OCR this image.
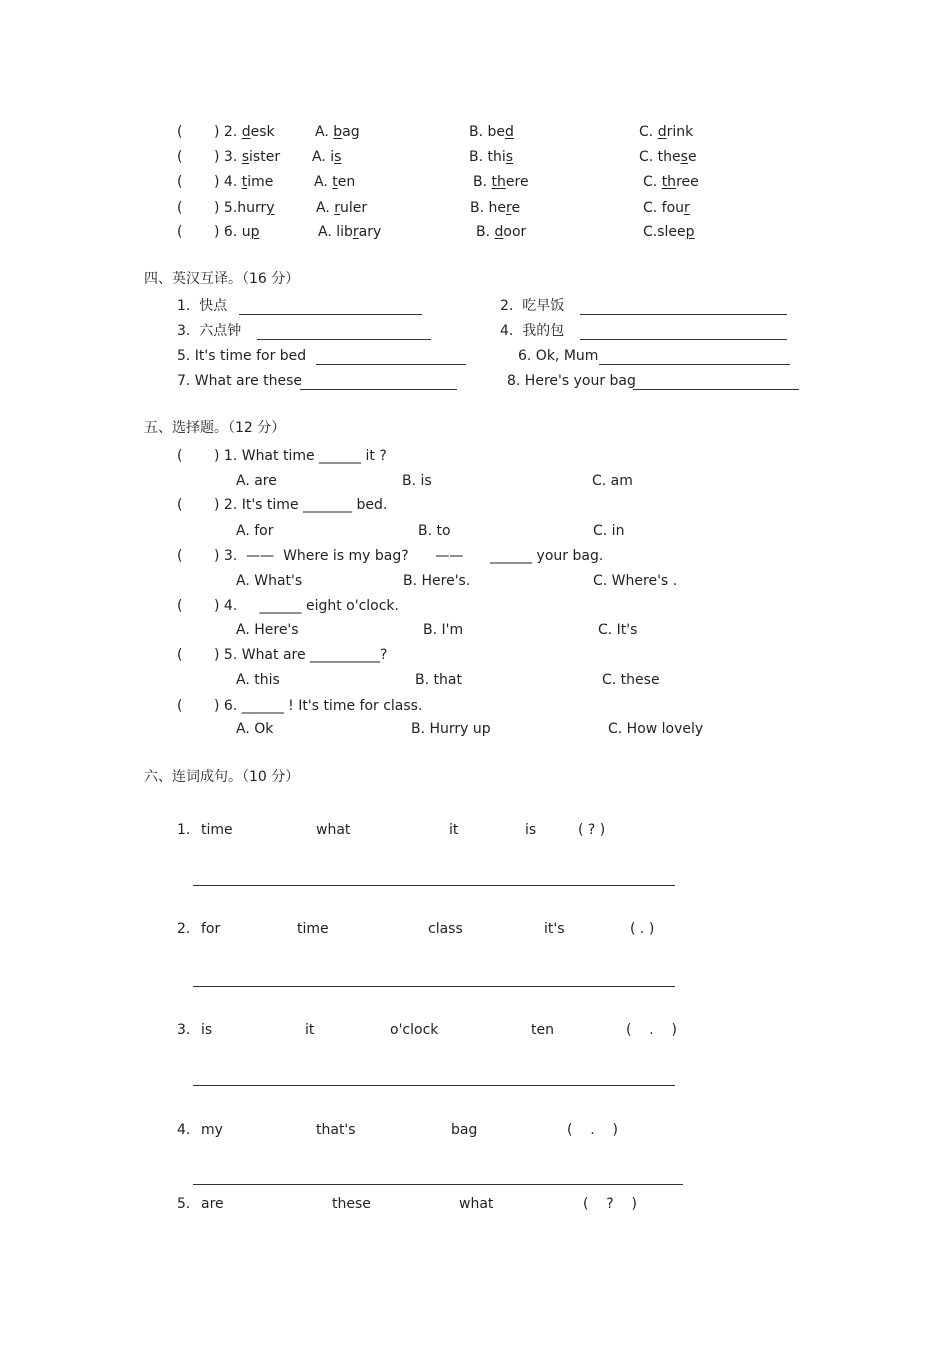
( ) 2. desk	A. bag	B. bed	C. drink
( ) 3. sister A. is	B. this	C. these
( ) 4. time	A. ten	B. there	C. three
( ) 5.hurry	A. ruler	B. here	C. four
( ) 6. up	A. library	B. door	C.sleep
四、英汉互译。（16 分）
1.  快点	2.  吃早饭
3.  六点钟	4.  我的包
5. It's time for bed	6. Ok, Mum
7. What are these	8. Here's your bag
五、选择题。（12 分）
( ) 1. What time ______ it ?
A. are	B. is	C. am
( ) 2. It's time _______ bed.
A. for	B. to	C. in
( ) 3.  ——  Where is my bag?      ——      ______ your bag.
A. What's	B. Here's.	C. Where's .
( ) 4.     ______ eight o'clock.
A. Here's	B. I'm	C. It's
( ) 5. What are __________?
A. this	B. that	C. these
( ) 6. ______ ! It's time for class.
A. Ok	B. Hurry up	C. How lovely
六、连词成句。（10 分）
1. time	what	it	is	( ? )
2. for	time	class	it's	( . )
3. is	it	o'clock	ten	(    .    )
4. my	that's	bag	(    .    )
5. are	these	what	(    ?    )
